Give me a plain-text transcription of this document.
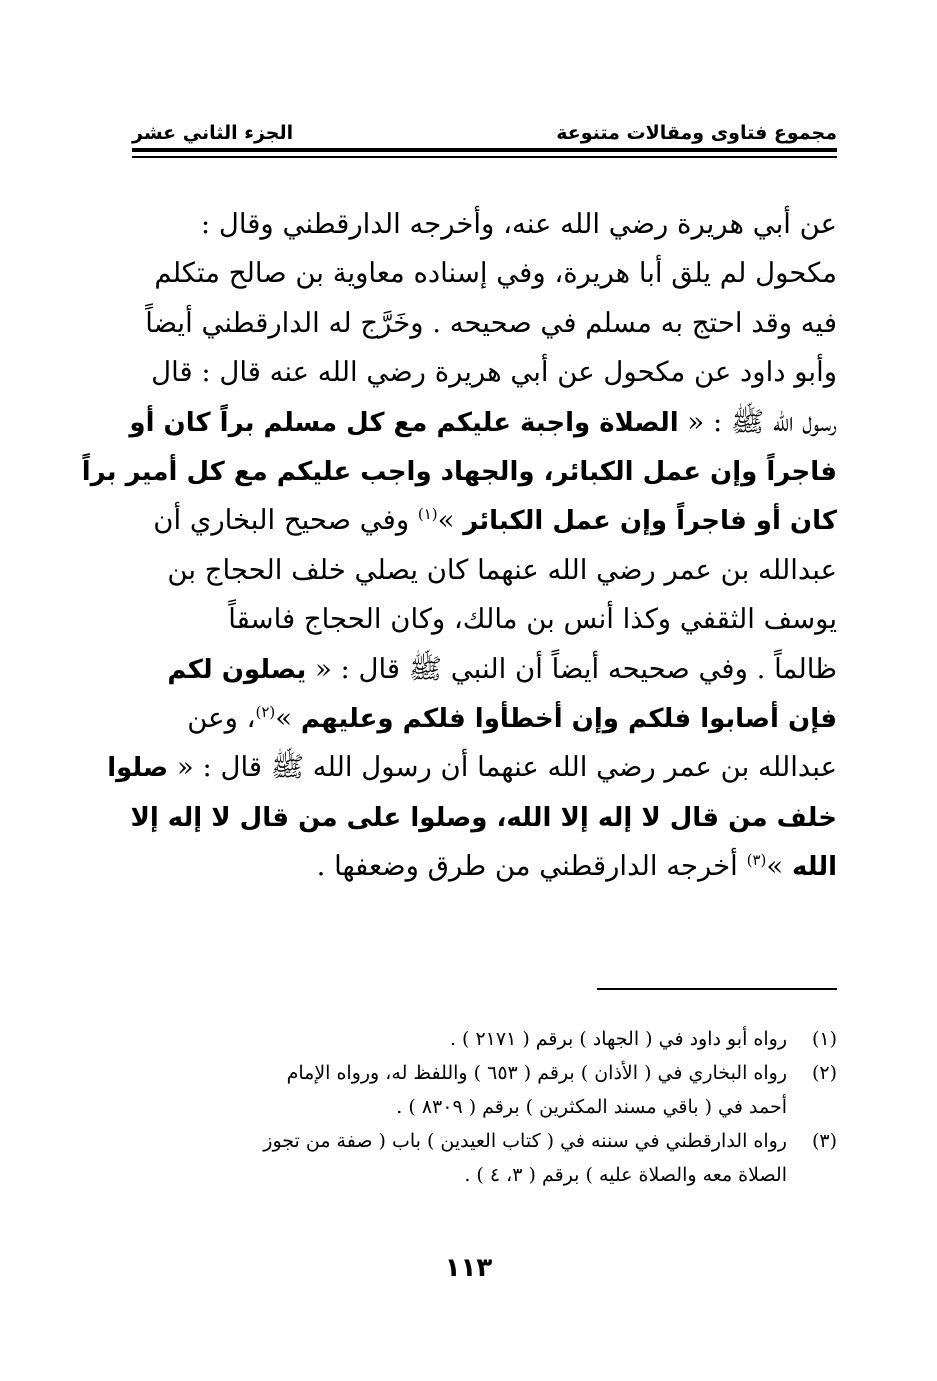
مجموع فتاوى ومقالات متنوعة
الجزء الثاني عشر
عن أبي هريرة رضي الله عنه، وأخرجه الدارقطني وقال :
مكحول لم يلق أبا هريرة، وفي إسناده معاوية بن صالح متكلم
فيه وقد احتج به مسلم في صحيحه . وخَرَّج له الدارقطني أيضاً
وأبو داود عن مكحول عن أبي هريرة رضي الله عنه قال : قال
رسول الله ﷺ : « الصلاة واجبة عليكم مع كل مسلم براً كان أو
فاجراً وإن عمل الكبائر، والجهاد واجب عليكم مع كل أمير براً
كان أو فاجراً وإن عمل الكبائر »$^{(١)}$ وفي صحيح البخاري أن
عبدالله بن عمر رضي الله عنهما كان يصلي خلف الحجاج بن
يوسف الثقفي وكذا أنس بن مالك، وكان الحجاج فاسقاً
ظالماً . وفي صحيحه أيضاً أن النبي ﷺ قال : « يصلون لكم
فإن أصابوا فلكم وإن أخطأوا فلكم وعليهم »$^{(٢)}$، وعن
عبدالله بن عمر رضي الله عنهما أن رسول الله ﷺ قال : « صلوا
خلف من قال لا إله إلا الله، وصلوا على من قال لا إله إلا
الله »$^{(٣)}$ أخرجه الدارقطني من طرق وضعفها .
(١)
رواه أبو داود في ( الجهاد ) برقم ( ٢١٧١ ) .
(٢)
رواه البخاري في ( الأذان ) برقم ( ٦٥٣ ) واللفظ له، ورواه الإمام
أحمد في ( باقي مسند المكثرين ) برقم ( ٨٣٠٩ ) .
(٣)
رواه الدارقطني في سننه في ( كتاب العيدين ) باب ( صفة من تجوز
الصلاة معه والصلاة عليه ) برقم ( ٣، ٤ ) .
١١٣
